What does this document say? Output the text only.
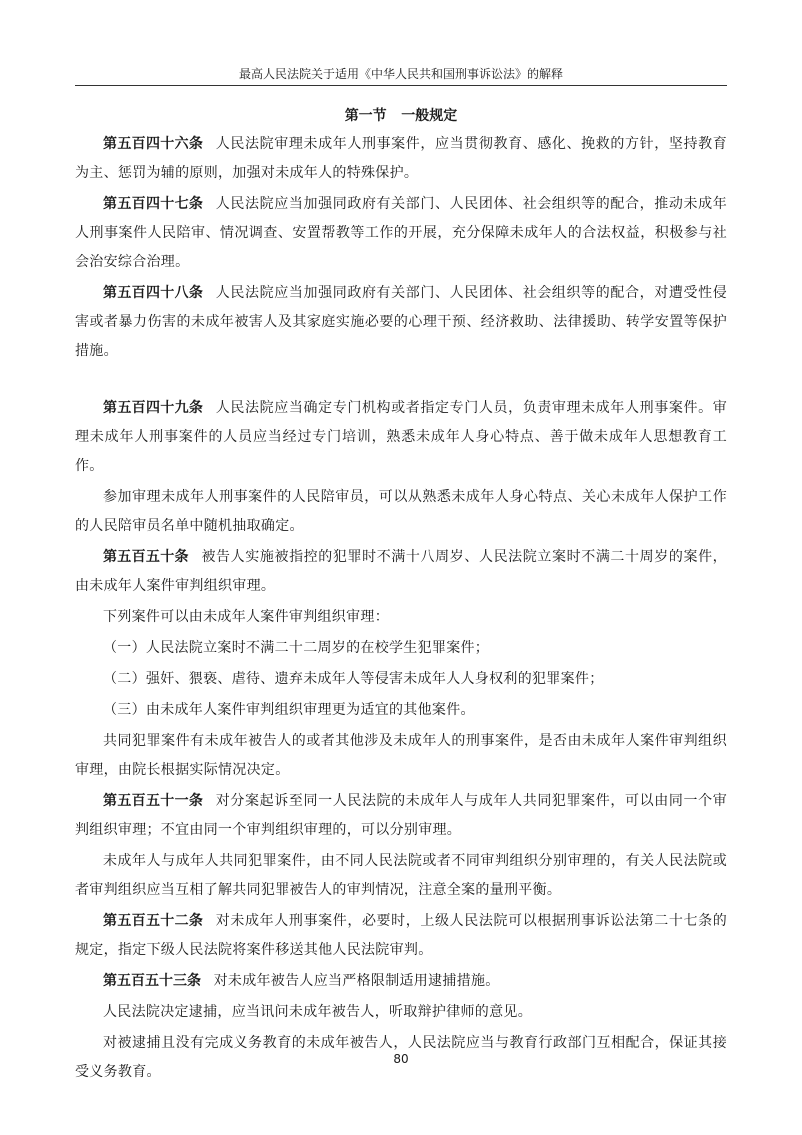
最高人民法院关于适用《中华人民共和国刑事诉讼法》的解释
第一节   一般规定

第五百四十六条 人民法院审理未成年人刑事案件，应当贯彻教育、感化、挽救的方针，坚持教育为主、惩罚为辅的原则，加强对未成年人的特殊保护。

第五百四十七条 人民法院应当加强同政府有关部门、人民团体、社会组织等的配合，推动未成年人刑事案件人民陪审、情况调查、安置帮教等工作的开展，充分保障未成年人的合法权益，积极参与社会治安综合治理。

第五百四十八条 人民法院应当加强同政府有关部门、人民团体、社会组织等的配合，对遭受性侵害或者暴力伤害的未成年被害人及其家庭实施必要的心理干预、经济救助、法律援助、转学安置等保护措施。

第五百四十九条 人民法院应当确定专门机构或者指定专门人员，负责审理未成年人刑事案件。审理未成年人刑事案件的人员应当经过专门培训，熟悉未成年人身心特点、善于做未成年人思想教育工作。

参加审理未成年人刑事案件的人民陪审员，可以从熟悉未成年人身心特点、关心未成年人保护工作的人民陪审员名单中随机抽取确定。

第五百五十条 被告人实施被指控的犯罪时不满十八周岁、人民法院立案时不满二十周岁的案件，由未成年人案件审判组织审理。

下列案件可以由未成年人案件审判组织审理：

（一）人民法院立案时不满二十二周岁的在校学生犯罪案件；

（二）强奸、猥亵、虐待、遗弃未成年人等侵害未成年人人身权利的犯罪案件；

（三）由未成年人案件审判组织审理更为适宜的其他案件。

共同犯罪案件有未成年被告人的或者其他涉及未成年人的刑事案件，是否由未成年人案件审判组织审理，由院长根据实际情况决定。

第五百五十一条 对分案起诉至同一人民法院的未成年人与成年人共同犯罪案件，可以由同一个审判组织审理；不宜由同一个审判组织审理的，可以分别审理。

未成年人与成年人共同犯罪案件，由不同人民法院或者不同审判组织分别审理的，有关人民法院或者审判组织应当互相了解共同犯罪被告人的审判情况，注意全案的量刑平衡。

第五百五十二条 对未成年人刑事案件，必要时，上级人民法院可以根据刑事诉讼法第二十七条的规定，指定下级人民法院将案件移送其他人民法院审判。

第五百五十三条 对未成年被告人应当严格限制适用逮捕措施。

人民法院决定逮捕，应当讯问未成年被告人，听取辩护律师的意见。

对被逮捕且没有完成义务教育的未成年被告人，人民法院应当与教育行政部门互相配合，保证其接受义务教育。

80
